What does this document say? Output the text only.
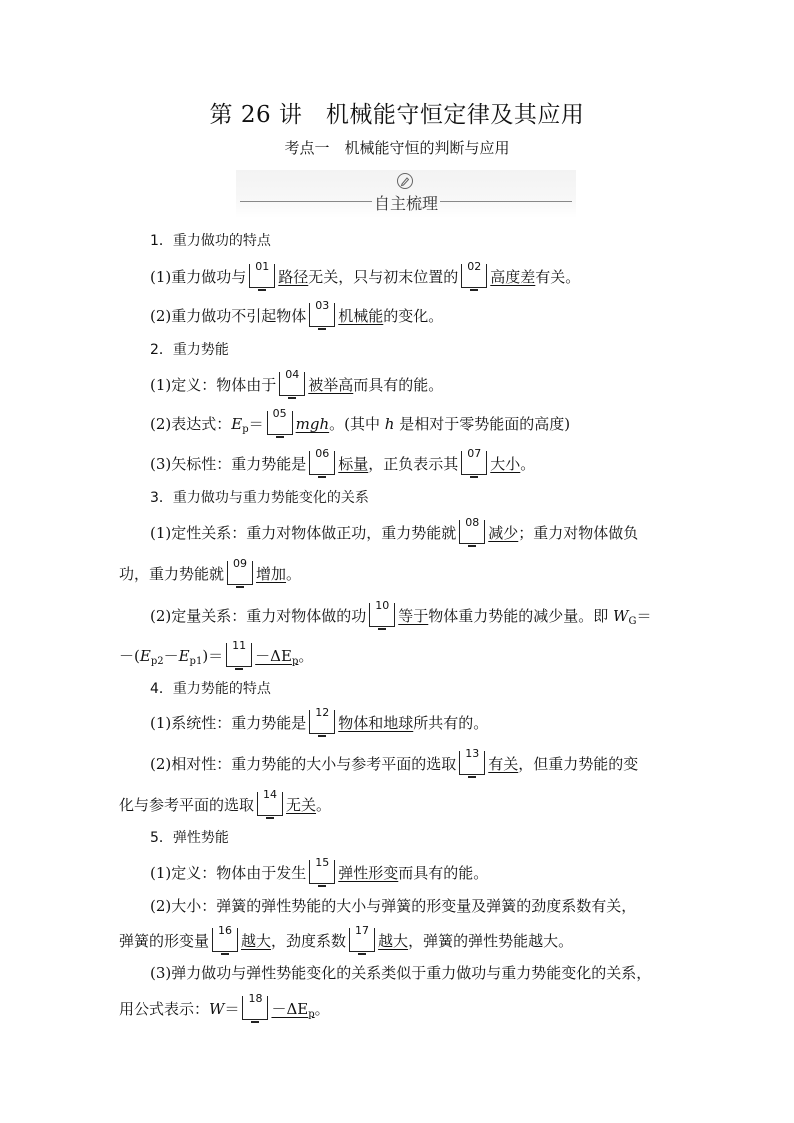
第 26 讲　机械能守恒定律及其应用
考点一　机械能守恒的判断与应用
自主梳理
1．重力做功的特点
(1)重力做功与
01
路径无关，只与初末位置的
02
高度差有关。
(2)重力做功不引起物体
03
机械能的变化。
2．重力势能
(1)定义：物体由于
04
被举高而具有的能。
(2)表达式：$E_p=$
05
mgh。(其中 h 是相对于零势能面的高度)
(3)矢标性：重力势能是
06
标量，正负表示其
07
大小。
3．重力做功与重力势能变化的关系
(1)定性关系：重力对物体做正功，重力势能就
08
减少；重力对物体做负
功，重力势能就
09
增加。
(2)定量关系：重力对物体做的功
10
等于物体重力势能的减少量。即 $W_G=$
$-(E_{p2}-E_{p1})=$
11
$-\Delta E_p$。
4．重力势能的特点
(1)系统性：重力势能是
12
物体和地球所共有的。
(2)相对性：重力势能的大小与参考平面的选取
13
有关，但重力势能的变
化与参考平面的选取
14
无关。
5．弹性势能
(1)定义：物体由于发生
15
弹性形变而具有的能。
(2)大小：弹簧的弹性势能的大小与弹簧的形变量及弹簧的劲度系数有关，
弹簧的形变量
16
越大，劲度系数
17
越大，弹簧的弹性势能越大。
(3)弹力做功与弹性势能变化的关系类似于重力做功与重力势能变化的关系，
用公式表示：W＝
18
$-\Delta E_p$。
